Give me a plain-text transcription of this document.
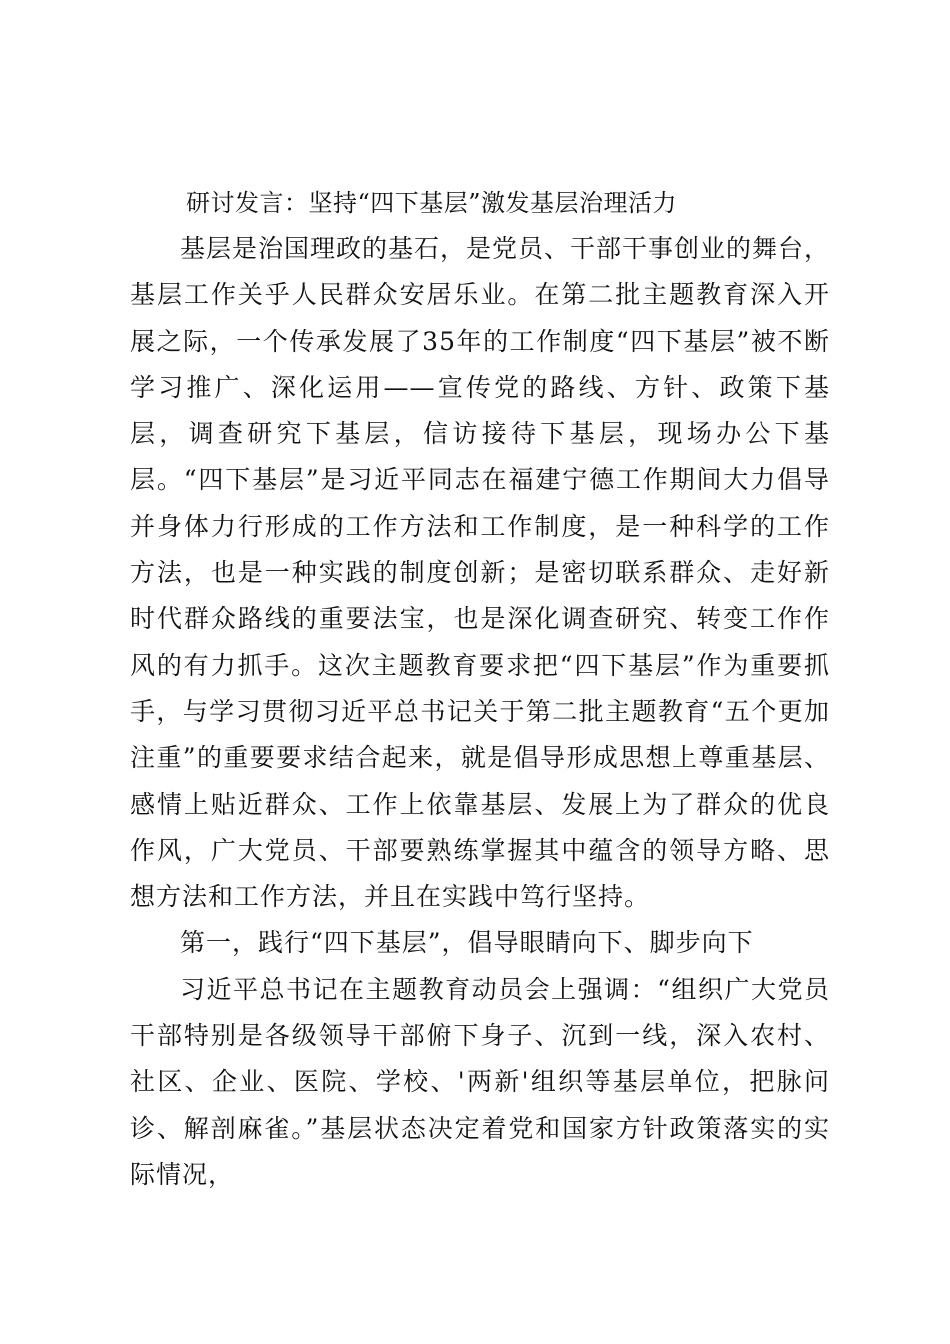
研讨发言：坚持“四下基层”激发基层治理活力

基层是治国理政的基石，是党员、干部干事创业的舞台，基层工作关乎人民群众安居乐业。在第二批主题教育深入开展之际，一个传承发展了35年的工作制度“四下基层”被不断学习推广、深化运用——宣传党的路线、方针、政策下基层，调查研究下基层，信访接待下基层，现场办公下基层。“四下基层”是习近平同志在福建宁德工作期间大力倡导并身体力行形成的工作方法和工作制度，是一种科学的工作方法，也是一种实践的制度创新；是密切联系群众、走好新时代群众路线的重要法宝，也是深化调查研究、转变工作作风的有力抓手。这次主题教育要求把“四下基层”作为重要抓手，与学习贯彻习近平总书记关于第二批主题教育“五个更加注重”的重要要求结合起来，就是倡导形成思想上尊重基层、感情上贴近群众、工作上依靠基层、发展上为了群众的优良作风，广大党员、干部要熟练掌握其中蕴含的领导方略、思想方法和工作方法，并且在实践中笃行坚持。

第一，践行“四下基层”，倡导眼睛向下、脚步向下

习近平总书记在主题教育动员会上强调：“组织广大党员干部特别是各级领导干部俯下身子、沉到一线，深入农村、社区、企业、医院、学校、'两新'组织等基层单位，把脉问诊、解剖麻雀。”基层状态决定着党和国家方针政策落实的实际情况，
